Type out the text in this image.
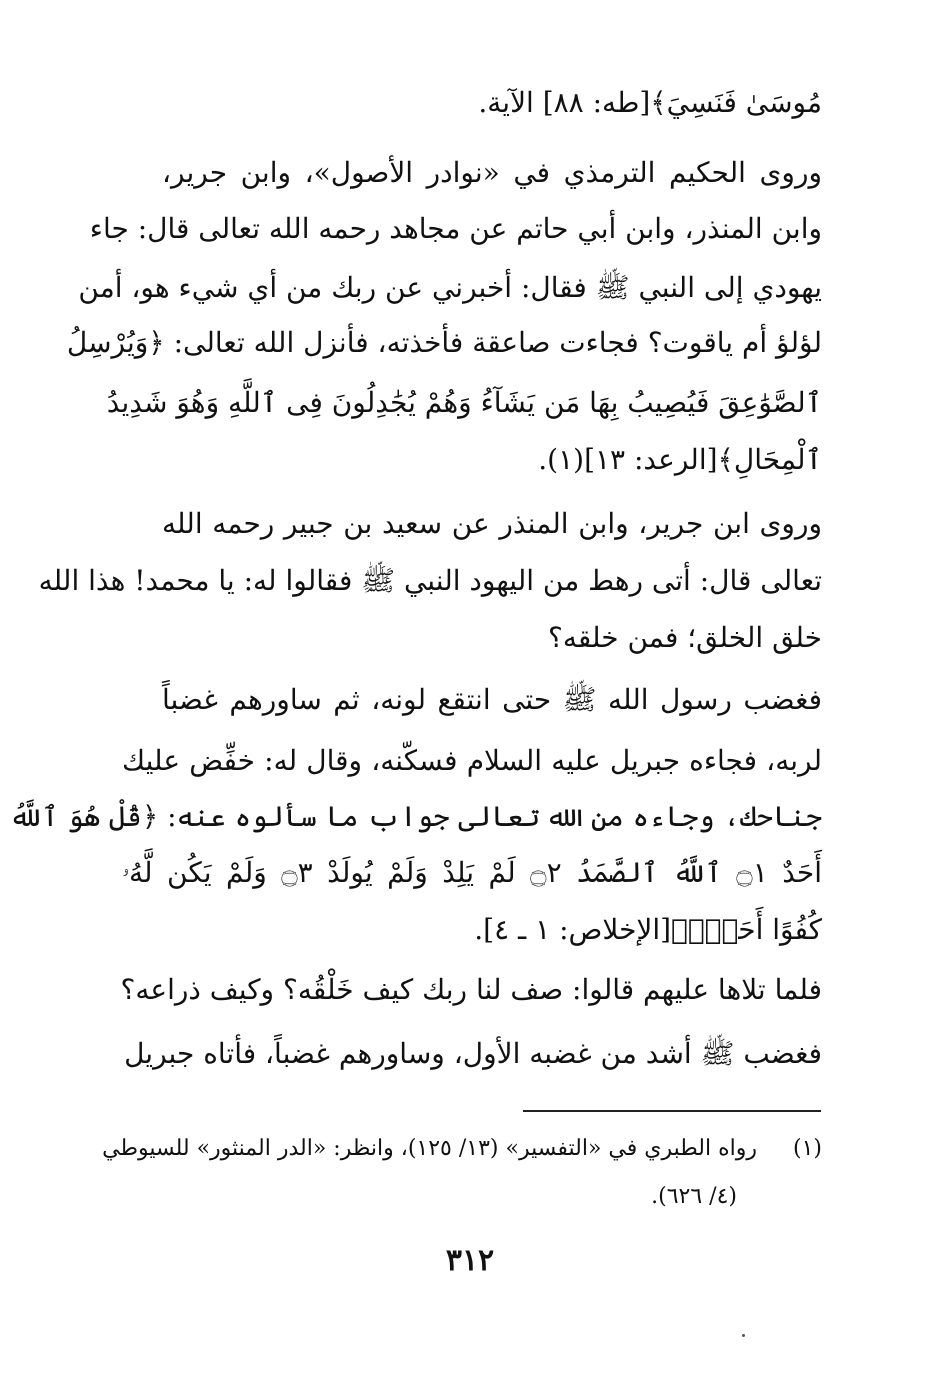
مُوسَىٰ فَنَسِيَ﴾[طه: ٨٨] الآية.
وروى الحكيم الترمذي في «نوادر الأصول»، وابن جرير،
وابن المنذر، وابن أبي حاتم عن مجاهد رحمه الله تعالى قال: جاء
يهودي إلى النبي ﷺ فقال: أخبرني عن ربك من أي شيء هو، أمن
لؤلؤ أم ياقوت؟ فجاءت صاعقة فأخذته، فأنزل الله تعالى: ﴿وَيُرْسِلُ
ٱلصَّوَٰعِقَ فَيُصِيبُ بِهَا مَن يَشَآءُ وَهُمْ يُجَٰدِلُونَ فِى ٱللَّهِ وَهُوَ شَدِيدُ
ٱلْمِحَالِ﴾[الرعد: ١٣](١).
وروى ابن جرير، وابن المنذر عن سعيد بن جبير رحمه الله
تعالى قال: أتى رهط من اليهود النبي ﷺ فقالوا له: يا محمد! هذا الله
خلق الخلق؛ فمن خلقه؟
فغضب رسول الله ﷺ حتى انتقع لونه، ثم ساورهم غضباً
لربه، فجاءه جبريل عليه السلام فسكّنه، وقال له: خفِّض عليك
جناحك، وجاءه من الله تعالى جواب ما سألوه عنه: ﴿قُلْ هُوَ ٱللَّهُ
أَحَدٌ ۝١ ٱللَّهُ ٱلصَّمَدُ ۝٢ لَمْ يَلِدْ وَلَمْ يُولَدْ ۝٣ وَلَمْ يَكُن لَّهُۥ
كُفُوًا أَحَدٌۢ﴾[الإخلاص: ١ ـ ٤].
فلما تلاها عليهم قالوا: صف لنا ربك كيف خَلْقُه؟ وكيف ذراعه؟
فغضب ﷺ أشد من غضبه الأول، وساورهم غضباً، فأتاه جبريل
(١)  رواه الطبري في «التفسير» (١٣/ ١٢٥)، وانظر: «الدر المنثور» للسيوطي
(٤/ ٦٢٦).
٣١٢
